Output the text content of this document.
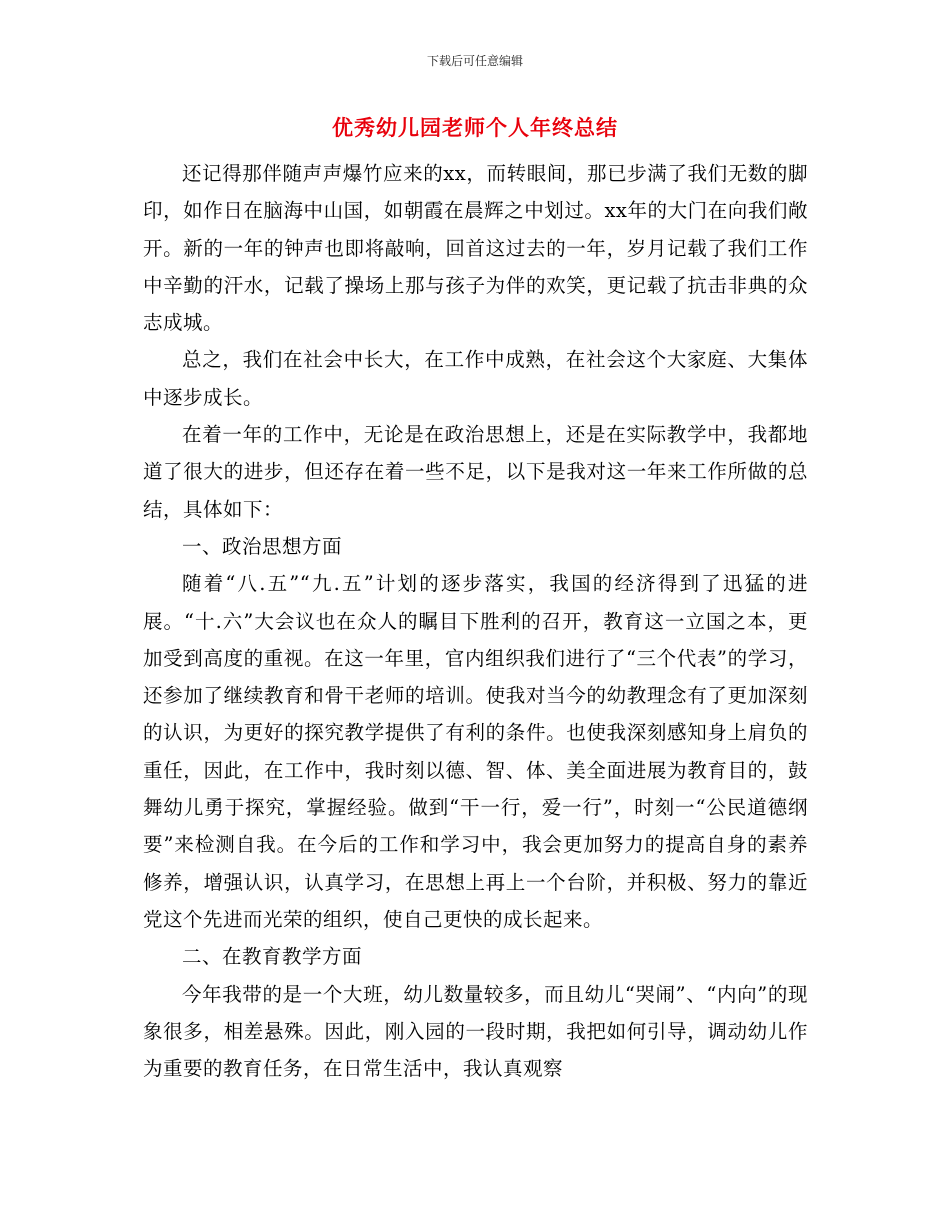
下载后可任意编辑
优秀幼儿园老师个人年终总结

还记得那伴随声声爆竹应来的xx，而转眼间，那已步满了我们无数的脚印，如作日在脑海中山国，如朝霞在晨辉之中划过。xx年的大门在向我们敞开。新的一年的钟声也即将敲响，回首这过去的一年，岁月记载了我们工作中辛勤的汗水，记载了操场上那与孩子为伴的欢笑，更记载了抗击非典的众志成城。

总之，我们在社会中长大，在工作中成熟，在社会这个大家庭、大集体中逐步成长。

在着一年的工作中，无论是在政治思想上，还是在实际教学中，我都地道了很大的进步，但还存在着一些不足，以下是我对这一年来工作所做的总结，具体如下：

一、政治思想方面

随着“八.五”“九.五”计划的逐步落实，我国的经济得到了迅猛的进展。“十.六”大会议也在众人的瞩目下胜利的召开，教育这一立国之本，更加受到高度的重视。在这一年里，官内组织我们进行了“三个代表”的学习，还参加了继续教育和骨干老师的培训。使我对当今的幼教理念有了更加深刻的认识，为更好的探究教学提供了有利的条件。也使我深刻感知身上肩负的重任，因此，在工作中，我时刻以德、智、体、美全面进展为教育目的，鼓舞幼儿勇于探究，掌握经验。做到“干一行，爱一行”，时刻一“公民道德纲要”来检测自我。在今后的工作和学习中，我会更加努力的提高自身的素养修养，增强认识，认真学习，在思想上再上一个台阶，并积极、努力的靠近党这个先进而光荣的组织，使自己更快的成长起来。

二、在教育教学方面

今年我带的是一个大班，幼儿数量较多，而且幼儿“哭闹”、“内向”的现象很多，相差悬殊。因此，刚入园的一段时期，我把如何引导，调动幼儿作为重要的教育任务，在日常生活中，我认真观察
